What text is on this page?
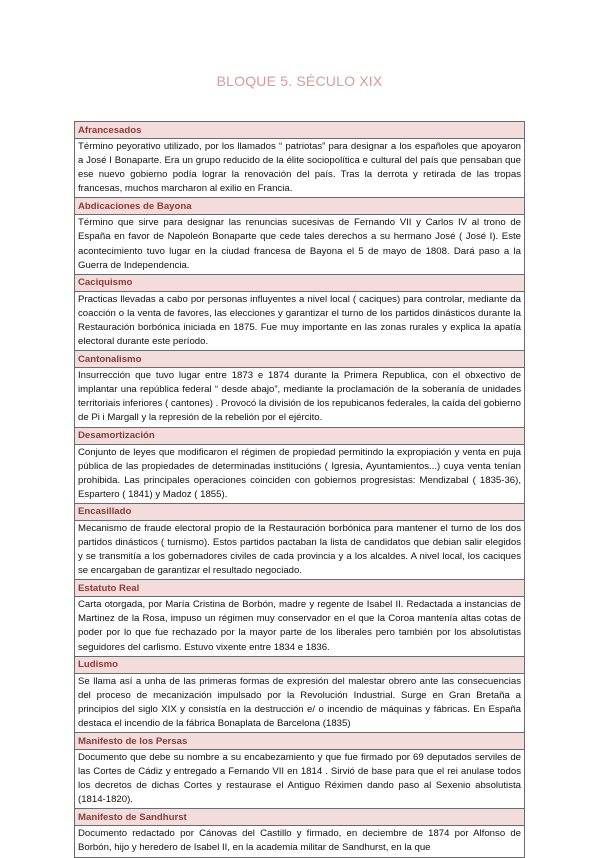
BLOQUE 5. SÉCULO XIX
Afrancesados

Término peyorativo utilizado, por los llamados “ patriotas” para designar a los españoles que apoyaron a José I Bonaparte. Era un grupo reducido de la élite sociopolítica e cultural del país que pensaban que ese nuevo gobierno podía lograr la renovación del país. Tras la derrota y retirada de las tropas francesas, muchos marcharon al exilio en Francia.

Abdicaciones de Bayona

Término que sirve para designar las renuncias sucesivas de Fernando VII y Carlos IV al trono de España en favor de Napoleón Bonaparte que cede tales derechos a su hermano José ( José I). Este acontecimiento tuvo lugar en la ciudad francesa de Bayona el 5 de mayo de 1808. Dará paso a la Guerra de Independencia.

Caciquismo

Practicas llevadas a cabo por personas influyentes a nivel local ( caciques) para controlar, mediante da coacción o la venta de favores, las elecciones y garantizar el turno de los partidos dinásticos durante la Restauración borbónica iniciada en 1875. Fue muy importante en las zonas rurales y explica la apatía electoral durante este período.

Cantonalismo

Insurrección que tuvo lugar entre 1873 e 1874 durante la Primera Republica, con el obxectivo de implantar una república federal “ desde abajo”, mediante la proclamación de la soberanía de unidades territoriais inferiores ( cantones) . Provocó la división de los repubicanos federales, la caída del gobierno de Pi i Margall y la represión de la rebelión por el ejército.

Desamortización

Conjunto de leyes que modificaron el régimen de propiedad permitindo la expropiación y venta en puja pública de las propiedades de determinadas institucións ( Igresia, Ayuntamientos...) cuya venta tenían prohibida. Las principales operaciones coinciden con gobiernos progresistas: Mendizabal ( 1835-36), Espartero ( 1841) y Madoz ( 1855).

Encasillado

Mecanismo de fraude electoral propio de la Restauración borbónica para mantener el turno de los dos partidos dinásticos ( turnismo). Estos partidos pactaban la lista de candidatos que debian salir elegidos y se transmitía a los gobernadores civiles de cada provincia y a los alcaldes. A nivel local, los caciques se encargaban de garantizar el resultado negociado.

Estatuto Real

Carta otorgada, por María Cristina de Borbón, madre y regente de Isabel II. Redactada a instancias de Martinez de la Rosa, impuso un régimen muy conservador en el que la Coroa mantenía altas cotas de poder por lo que fue rechazado por la mayor parte de los liberales pero también por los absolutistas seguidores del carlismo. Estuvo vixente entre 1834 e 1836.

Ludismo

Se llama así a unha de las primeras formas de expresión del malestar obrero ante las consecuencias del proceso de mecanización impulsado por la Revolución Industrial. Surge en Gran Bretaña a principios del siglo XIX y consistía en la destrucción e/ o incendio de máquinas y fábricas. En España destaca el incendio de la fábrica Bonaplata de Barcelona (1835)

Manifesto de los Persas

Documento que debe su nombre a su encabezamiento y que fue firmado por 69 deputados serviles de las Cortes de Cádiz y entregado a Fernando VII en 1814 . Sirvió de base para que el rei anulase todos los decretos de dichas Cortes y restaurase el Antiguo Réximen dando paso al Sexenio absolutista (1814-1820).

Manifesto de Sandhurst

Documento redactado por Cánovas del Castillo y firmado, en deciembre de 1874 por Alfonso de Borbón, hijo y heredero de Isabel II, en la academia militar de Sandhurst, en la que
